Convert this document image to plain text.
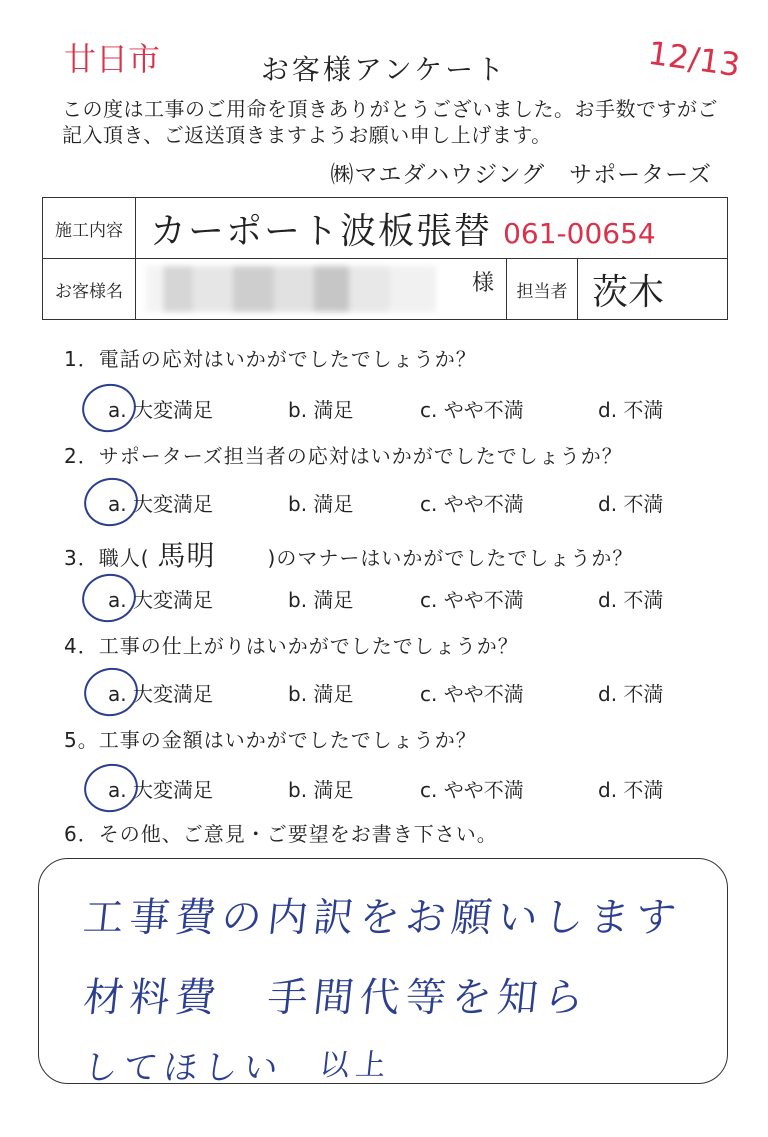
廿日市	12/13
お客様アンケート
この度は工事のご用命を頂きありがとうございました。お手数ですがご記入頂き、ご返送頂きますようお願い申し上げます。
㈱マエダハウジング　サポーターズ
施工内容	カーポート波板張替 061-00654		
お客様名	様	担当者	茨木
1．電話の応対はいかがでしたでしょうか？
a. 大変満足	b. 満足	c. やや不満	d. 不満
2．サポーターズ担当者の応対はいかがでしたでしょうか？
a. 大変満足	b. 満足	c. やや不満	d. 不満
3．職人( 馬明	)のマナーはいかがでしたでしょうか？
a. 大変満足	b. 満足	c. やや不満	d. 不満
4．工事の仕上がりはいかがでしたでしょうか？
a. 大変満足	b. 満足	c. やや不満	d. 不満
5。工事の金額はいかがでしたでしょうか？
a. 大変満足	b. 満足	c. やや不満	d. 不満
6．その他、ご意見・ご要望をお書き下さい。
工事費の内訳をお願いします
材料費　手間代等を知ら
してほしい 以上
